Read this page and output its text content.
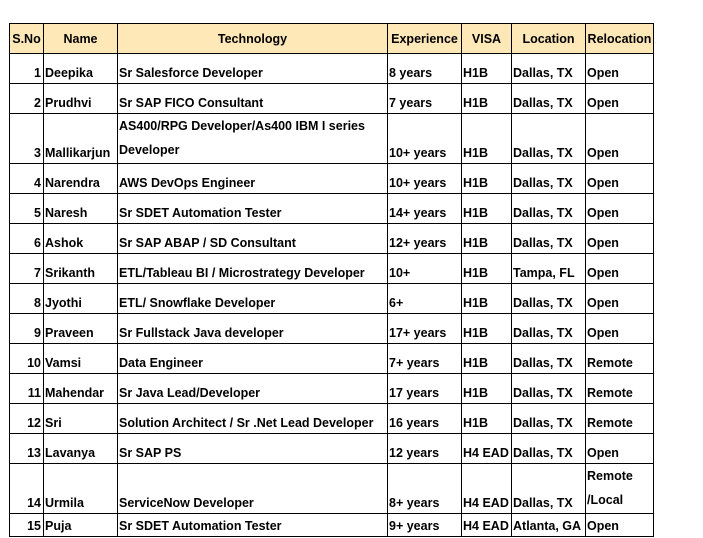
S.No	Name	Technology	Experience	VISA	Location	Relocation
1	Deepika	Sr Salesforce Developer	8 years	H1B	Dallas, TX	Open
2	Prudhvi	Sr SAP FICO Consultant	7 years	H1B	Dallas, TX	Open
3	Mallikarjun	AS400/RPG Developer/As400 IBM I series Developer	10+ years	H1B	Dallas, TX	Open
4	Narendra	AWS DevOps Engineer	10+ years	H1B	Dallas, TX	Open
5	Naresh	Sr SDET Automation Tester	14+ years	H1B	Dallas, TX	Open
6	Ashok	Sr SAP ABAP / SD Consultant	12+ years	H1B	Dallas, TX	Open
7	Srikanth	ETL/Tableau BI / Microstrategy Developer	10+	H1B	Tampa, FL	Open
8	Jyothi	ETL/ Snowflake Developer	6+	H1B	Dallas, TX	Open
9	Praveen	Sr Fullstack Java developer	17+ years	H1B	Dallas, TX	Open
10	Vamsi	Data Engineer	7+ years	H1B	Dallas, TX	Remote
11	Mahendar	Sr Java Lead/Developer	17 years	H1B	Dallas, TX	Remote
12	Sri	Solution Architect / Sr .Net Lead Developer	16 years	H1B	Dallas, TX	Remote
13	Lavanya	Sr SAP PS	12 years	H4 EAD	Dallas, TX	Open
14	Urmila	ServiceNow Developer	8+ years	H4 EAD	Dallas, TX	Remote /Local
15	Puja	Sr SDET Automation Tester	9+ years	H4 EAD	Atlanta, GA	Open
